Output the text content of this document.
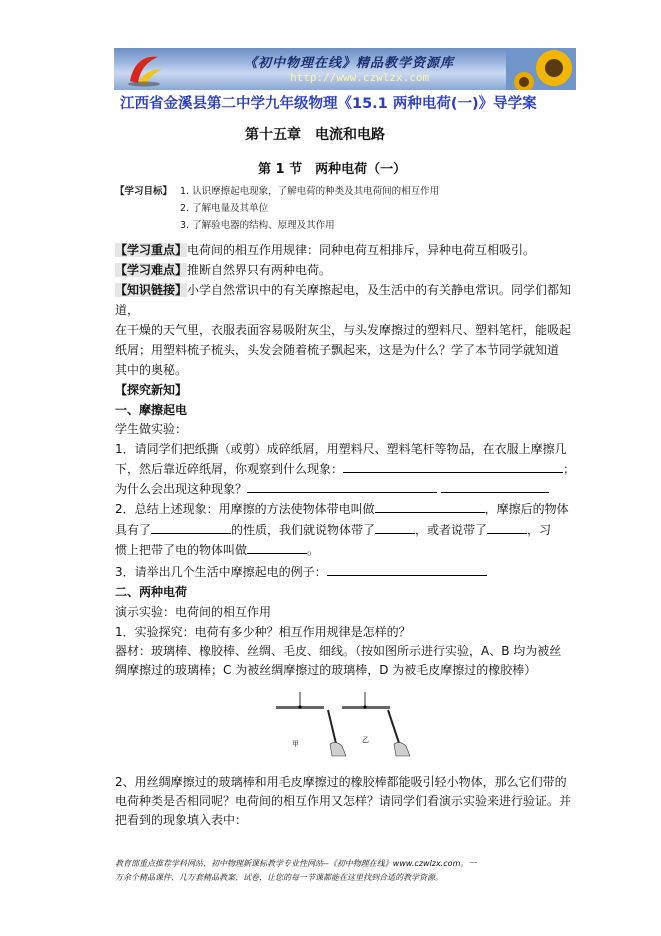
《初中物理在线》精品教学资源库
http://www.czwlzx.com
江西省金溪县第二中学九年级物理《15.1 两种电荷(一)》导学案
第十五章　电流和电路
第 1 节　两种电荷（一）
【学习目标】 1. 认识摩擦起电现象，了解电荷的种类及其电荷间的相互作用
2. 了解电量及其单位
3. 了解验电器的结构、原理及其作用
【学习重点】电荷间的相互作用规律：同种电荷互相排斥，异种电荷互相吸引。
【学习难点】推断自然界只有两种电荷。
【知识链接】小学自然常识中的有关摩擦起电，及生活中的有关静电常识。同学们都知
道，
在干燥的天气里，衣服表面容易吸附灰尘，与头发摩擦过的塑料尺、塑料笔杆，能吸起
纸屑；用塑料梳子梳头，头发会随着梳子飘起来，这是为什么？学了本节同学就知道
其中的奥秘。
【探究新知】
一、摩擦起电
学生做实验：
1．请同学们把纸撕（或剪）成碎纸屑，用塑料尺、塑料笔杆等物品，在衣服上摩擦几
下，然后靠近碎纸屑，你观察到什么现象：	；
为什么会出现这种现象？
2．总结上述现象：用摩擦的方法使物体带电叫做	，摩擦后的物体
具有了	的性质，我们就说物体带了	，或者说带了	，习
惯上把带了电的物体叫做	。
3．请举出几个生活中摩擦起电的例子：
二、两种电荷
演示实验：电荷间的相互作用
1．实验探究：电荷有多少种？相互作用规律是怎样的？
器材：玻璃棒、橡胶棒、丝绸、毛皮、细线。（按如图所示进行实验，A、B 均为被丝
绸摩擦过的玻璃棒；C 为被丝绸摩擦过的玻璃棒，D 为被毛皮摩擦过的橡胶棒）
甲	乙
2、用丝绸摩擦过的玻璃棒和用毛皮摩擦过的橡胶棒都能吸引轻小物体，那么它们带的
电荷种类是否相同呢？电荷间的相互作用又怎样？请同学们看演示实验来进行验证。并
把看到的现象填入表中：
教育部重点推荐学科网站、初中物理新课标教学专业性网站--《初中物理在线》www.czwlzx.com。一
万余个精品课件、几万套精品教案、试卷，让您的每一节课都能在这里找到合适的教学资源。
